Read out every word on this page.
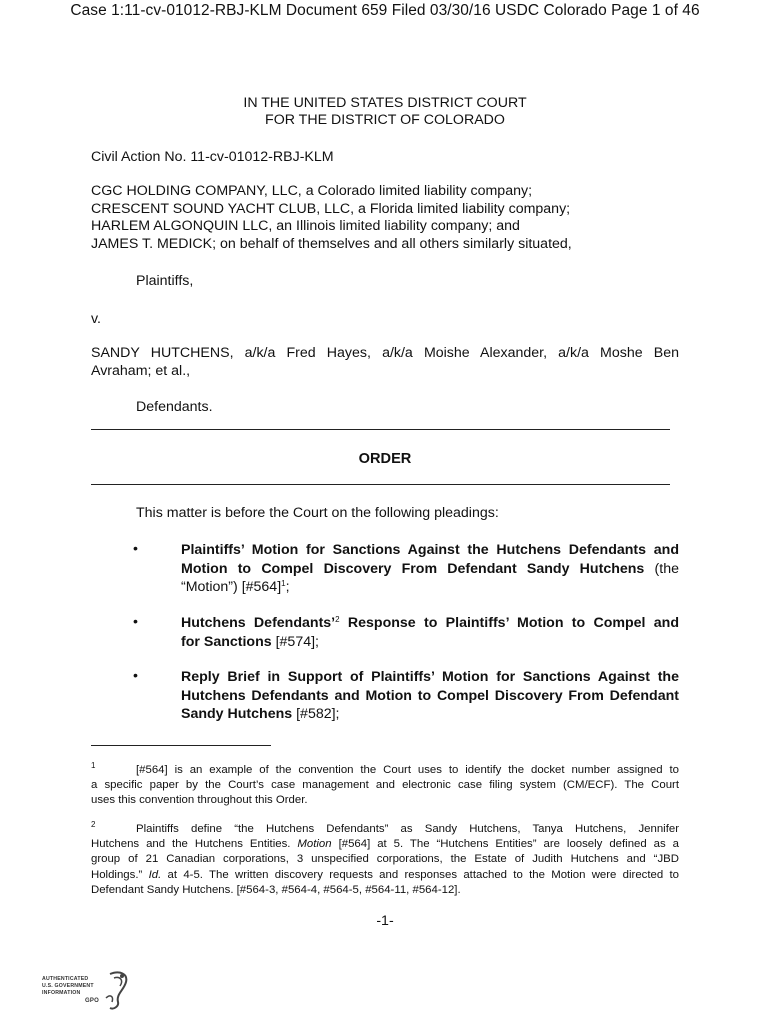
Case 1:11-cv-01012-RBJ-KLM Document 659 Filed 03/30/16 USDC Colorado Page 1 of 46
IN THE UNITED STATES DISTRICT COURT
FOR THE DISTRICT OF COLORADO
Civil Action No. 11-cv-01012-RBJ-KLM
CGC HOLDING COMPANY, LLC, a Colorado limited liability company;
CRESCENT SOUND YACHT CLUB, LLC, a Florida limited liability company;
HARLEM ALGONQUIN LLC, an Illinois limited liability company; and
JAMES T. MEDICK; on behalf of themselves and all others similarly situated,
Plaintiffs,
v.
SANDY HUTCHENS, a/k/a Fred Hayes, a/k/a Moishe Alexander, a/k/a Moshe Ben
Avraham; et al.,
Defendants.
ORDER
This matter is before the Court on the following pleadings:
•	Plaintiffs’ Motion for Sanctions Against the Hutchens Defendants and
Motion to Compel Discovery From Defendant Sandy Hutchens (the
“Motion”) [#564]$^1$;
•	Hutchens Defendants’$^2$ Response to Plaintiffs’ Motion to Compel and
for Sanctions [#574];
•	Reply Brief in Support of Plaintiffs’ Motion for Sanctions Against the
Hutchens Defendants and Motion to Compel Discovery From Defendant
Sandy Hutchens [#582];
$^1$	[#564] is an example of the convention the Court uses to identify the docket number assigned to
a specific paper by the Court’s case management and electronic case filing system (CM/ECF). The Court
uses this convention throughout this Order.
$^2$	Plaintiffs define “the Hutchens Defendants” as Sandy Hutchens, Tanya Hutchens, Jennifer
Hutchens and the Hutchens Entities. Motion [#564] at 5. The “Hutchens Entities” are loosely defined as a
group of 21 Canadian corporations, 3 unspecified corporations, the Estate of Judith Hutchens and “JBD
Holdings.” Id. at 4-5. The written discovery requests and responses attached to the Motion were directed to
Defendant Sandy Hutchens. [#564-3, #564-4, #564-5, #564-11, #564-12].
-1-
AUTHENTICATED
U.S. GOVERNMENT
INFORMATION
GPO
